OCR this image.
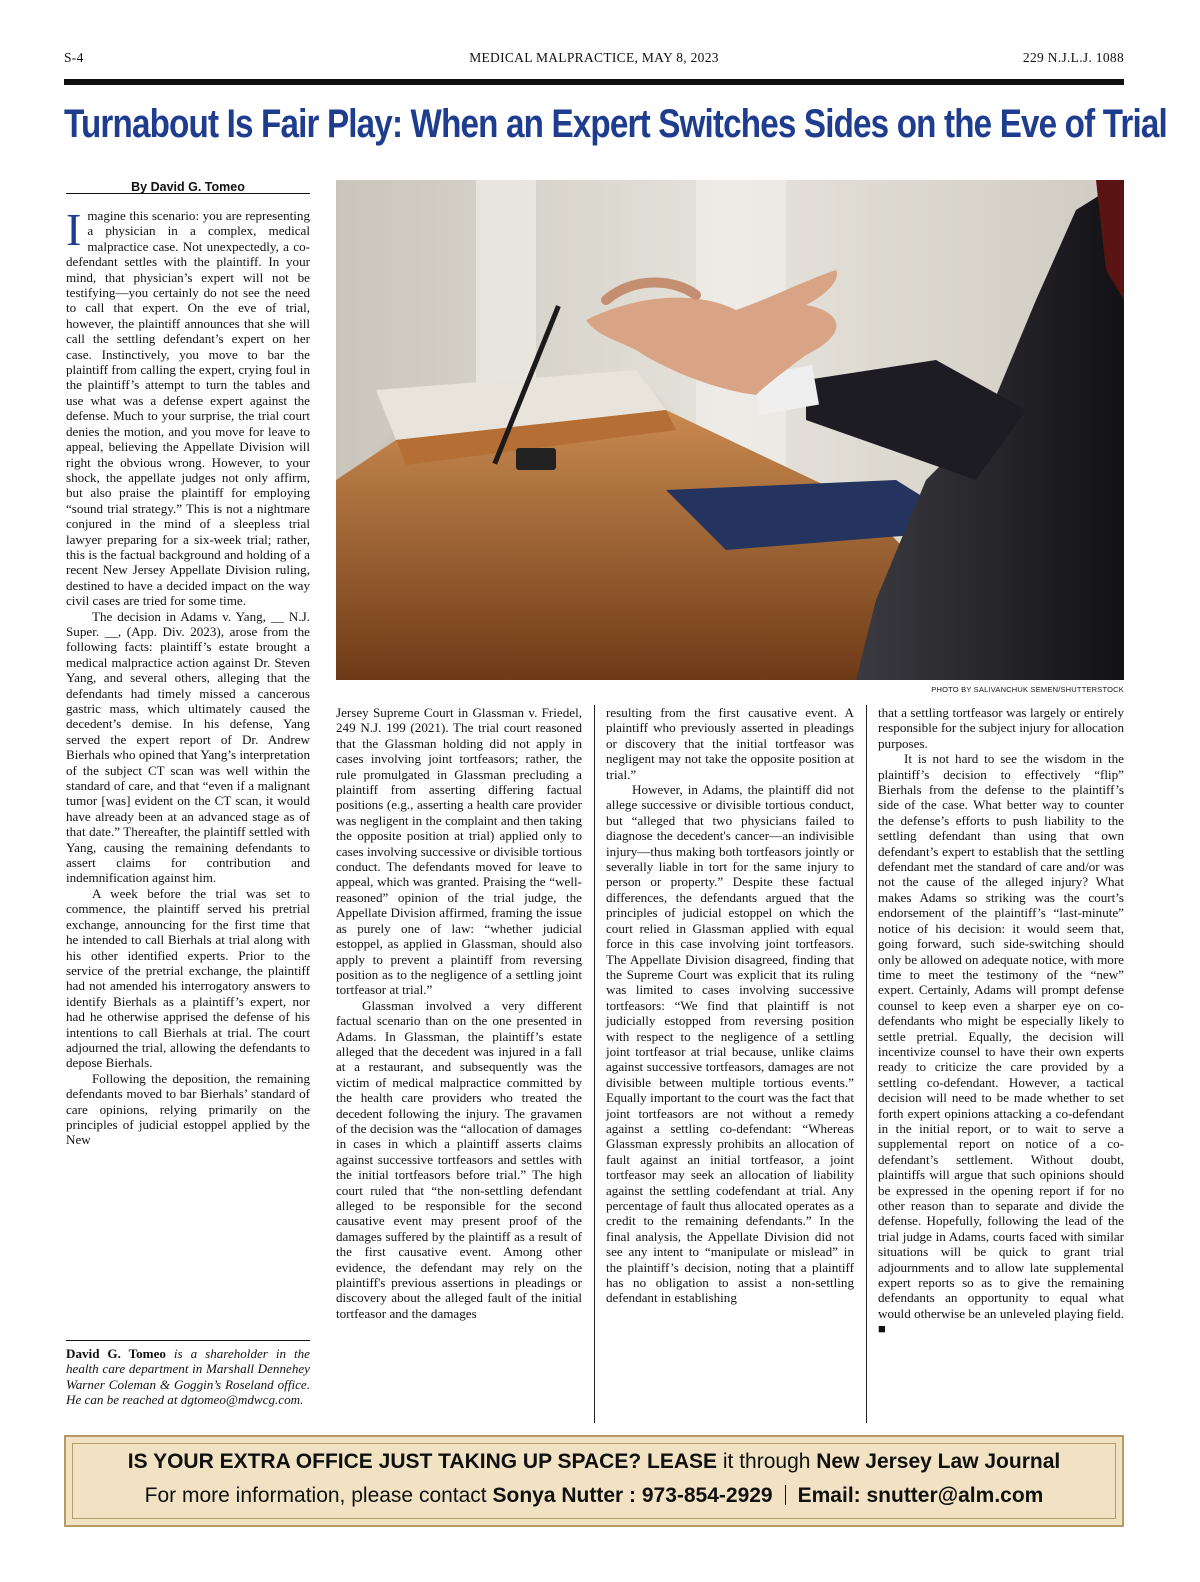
S-4	MEDICAL MALPRACTICE, MAY 8, 2023	229 N.J.L.J. 1088
Turnabout Is Fair Play: When an Expert Switches Sides on the Eve of Trial
By David G. Tomeo

Imagine this scenario: you are representing a physician in a complex, medical malpractice case. Not unexpectedly, a co-defendant settles with the plaintiff. In your mind, that physician’s expert will not be testifying—you certainly do not see the need to call that expert. On the eve of trial, however, the plaintiff announces that she will call the settling defendant’s expert on her case. Instinctively, you move to bar the plaintiff from calling the expert, crying foul in the plaintiff’s attempt to turn the tables and use what was a defense expert against the defense. Much to your surprise, the trial court denies the motion, and you move for leave to appeal, believing the Appellate Division will right the obvious wrong. However, to your shock, the appellate judges not only affirm, but also praise the plaintiff for employing “sound trial strategy.” This is not a nightmare conjured in the mind of a sleepless trial lawyer preparing for a six-week trial; rather, this is the factual background and holding of a recent New Jersey Appellate Division ruling, destined to have a decided impact on the way civil cases are tried for some time.

The decision in Adams v. Yang, __ N.J. Super. __, (App. Div. 2023), arose from the following facts: plaintiff’s estate brought a medical malpractice action against Dr. Steven Yang, and several others, alleging that the defendants had timely missed a cancerous gastric mass, which ultimately caused the decedent’s demise. In his defense, Yang served the expert report of Dr. Andrew Bierhals who opined that Yang’s interpretation of the subject CT scan was well within the standard of care, and that “even if a malignant tumor [was] evident on the CT scan, it would have already been at an advanced stage as of that date.” Thereafter, the plaintiff settled with Yang, causing the remaining defendants to assert claims for contribution and indemnification against him.

A week before the trial was set to commence, the plaintiff served his pretrial exchange, announcing for the first time that he intended to call Bierhals at trial along with his other identified experts. Prior to the service of the pretrial exchange, the plaintiff had not amended his interrogatory answers to identify Bierhals as a plaintiff’s expert, nor had he otherwise apprised the defense of his intentions to call Bierhals at trial. The court adjourned the trial, allowing the defendants to depose Bierhals.

Following the deposition, the remaining defendants moved to bar Bierhals’ standard of care opinions, relying primarily on the principles of judicial estoppel applied by the New

David G. Tomeo is a shareholder in the health care department in Marshall Dennehey Warner Coleman & Goggin’s Roseland office. He can be reached at dgtomeo@mdwcg.com.
PHOTO BY SALIVANCHUK SEMEN/SHUTTERSTOCK

Jersey Supreme Court in Glassman v. Friedel, 249 N.J. 199 (2021). The trial court reasoned that the Glassman holding did not apply in cases involving joint tortfeasors; rather, the rule promulgated in Glassman precluding a plaintiff from asserting differing factual positions (e.g., asserting a health care provider was negligent in the complaint and then taking the opposite position at trial) applied only to cases involving successive or divisible tortious conduct. The defendants moved for leave to appeal, which was granted. Praising the “well-reasoned” opinion of the trial judge, the Appellate Division affirmed, framing the issue as purely one of law: “whether judicial estoppel, as applied in Glassman, should also apply to prevent a plaintiff from reversing position as to the negligence of a settling joint tortfeasor at trial.”

Glassman involved a very different factual scenario than on the one presented in Adams. In Glassman, the plaintiff’s estate alleged that the decedent was injured in a fall at a restaurant, and subsequently was the victim of medical malpractice committed by the health care providers who treated the decedent following the injury. The gravamen of the decision was the “allocation of damages in cases in which a plaintiff asserts claims against successive tortfeasors and settles with the initial tortfeasors before trial.” The high court ruled that “the non-settling defendant alleged to be responsible for the second causative event may present proof of the damages suffered by the plaintiff as a result of the first causative event. Among other evidence, the defendant may rely on the plaintiff's previous assertions in pleadings or discovery about the alleged fault of the initial tortfeasor and the damages

resulting from the first causative event. A plaintiff who previously asserted in pleadings or discovery that the initial tortfeasor was negligent may not take the opposite position at trial.”

However, in Adams, the plaintiff did not allege successive or divisible tortious conduct, but “alleged that two physicians failed to diagnose the decedent's cancer—an indivisible injury—thus making both tortfeasors jointly or severally liable in tort for the same injury to person or property.” Despite these factual differences, the defendants argued that the principles of judicial estoppel on which the court relied in Glassman applied with equal force in this case involving joint tortfeasors. The Appellate Division disagreed, finding that the Supreme Court was explicit that its ruling was limited to cases involving successive tortfeasors: “We find that plaintiff is not judicially estopped from reversing position with respect to the negligence of a settling joint tortfeasor at trial because, unlike claims against successive tortfeasors, damages are not divisible between multiple tortious events.” Equally important to the court was the fact that joint tortfeasors are not without a remedy against a settling co-defendant: “Whereas Glassman expressly prohibits an allocation of fault against an initial tortfeasor, a joint tortfeasor may seek an allocation of liability against the settling codefendant at trial. Any percentage of fault thus allocated operates as a credit to the remaining defendants.” In the final analysis, the Appellate Division did not see any intent to “manipulate or mislead” in the plaintiff’s decision, noting that a plaintiff has no obligation to assist a non-settling defendant in establishing

that a settling tortfeasor was largely or entirely responsible for the subject injury for allocation purposes.

It is not hard to see the wisdom in the plaintiff’s decision to effectively “flip” Bierhals from the defense to the plaintiff’s side of the case. What better way to counter the defense’s efforts to push liability to the settling defendant than using that own defendant’s expert to establish that the settling defendant met the standard of care and/or was not the cause of the alleged injury? What makes Adams so striking was the court’s endorsement of the plaintiff’s “last-minute” notice of his decision: it would seem that, going forward, such side-switching should only be allowed on adequate notice, with more time to meet the testimony of the “new” expert. Certainly, Adams will prompt defense counsel to keep even a sharper eye on co-defendants who might be especially likely to settle pretrial. Equally, the decision will incentivize counsel to have their own experts ready to criticize the care provided by a settling co-defendant. However, a tactical decision will need to be made whether to set forth expert opinions attacking a co-defendant in the initial report, or to wait to serve a supplemental report on notice of a co-defendant’s settlement. Without doubt, plaintiffs will argue that such opinions should be expressed in the opening report if for no other reason than to separate and divide the defense. Hopefully, following the lead of the trial judge in Adams, courts faced with similar situations will be quick to grant trial adjournments and to allow late supplemental expert reports so as to give the remaining defendants an opportunity to equal what would otherwise be an unleveled playing field. ■

IS YOUR EXTRA OFFICE JUST TAKING UP SPACE? LEASE it through New Jersey Law Journal
For more information, please contact Sonya Nutter : 973-854-2929 Email: snutter@alm.com
